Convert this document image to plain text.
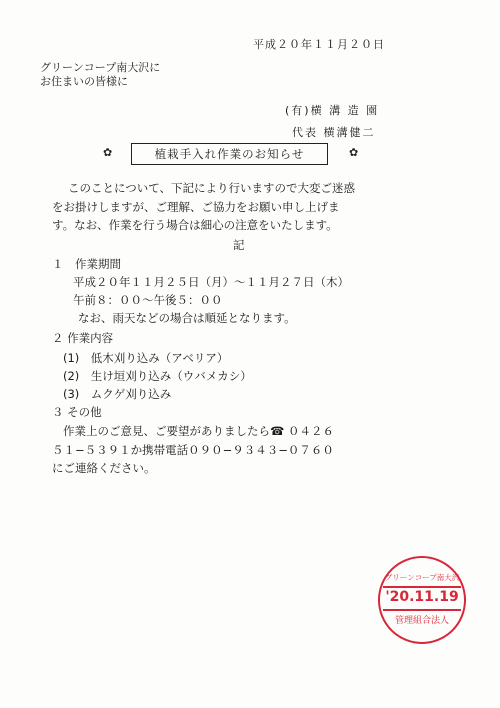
平成２０年１１月２０日
グリーンコープ南大沢に
お住まいの皆様に
(有)横 溝 造 園
代表 横溝健二
✿	植栽手入れ作業のお知らせ	✿
このことについて、下記により行いますので大変ご迷惑
をお掛けしますが、ご理解、ご協力をお願い申し上げま
す。なお、作業を行う場合は細心の注意をいたします。
記
１　作業期間
平成２０年１１月２５日（月）〜１１月２７日（木）
午前８：００〜午後５：００
なお、雨天などの場合は順延となります。
２ 作業内容
(1)　低木刈り込み（アベリア）
(2)　生け垣刈り込み（ウバメカシ）
(3)　ムクゲ刈り込み
３ その他
作業上のご意見、ご要望がありましたら☎ ０４２６
５１−５３９１か携帯電話０９０−９３４３−０７６０
にご連絡ください。
グリーンコープ南大沢
'20.11.19
管理組合法人
